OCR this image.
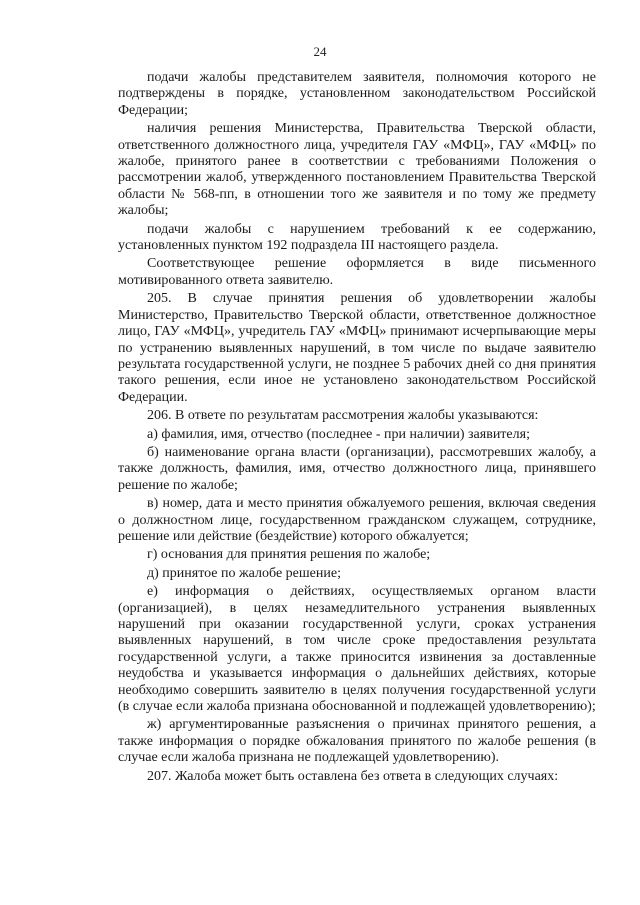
24

подачи жалобы представителем заявителя, полномочия которого не подтверждены в порядке, установленном законодательством Российской Федерации;

наличия решения Министерства, Правительства Тверской области, ответственного должностного лица, учредителя ГАУ «МФЦ», ГАУ «МФЦ» по жалобе, принятого ранее в соответствии с требованиями Положения о рассмотрении жалоб, утвержденного постановлением Правительства Тверской области № 568-пп, в отношении того же заявителя и по тому же предмету жалобы;

подачи жалобы с нарушением требований к ее содержанию, установленных пунктом 192 подраздела III настоящего раздела.

Соответствующее решение оформляется в виде письменного мотивированного ответа заявителю.

205. В случае принятия решения об удовлетворении жалобы Министерство, Правительство Тверской области, ответственное должностное лицо, ГАУ «МФЦ», учредитель ГАУ «МФЦ» принимают исчерпывающие меры по устранению выявленных нарушений, в том числе по выдаче заявителю результата государственной услуги, не позднее 5 рабочих дней со дня принятия такого решения, если иное не установлено законодательством Российской Федерации.

206. В ответе по результатам рассмотрения жалобы указываются:

а) фамилия, имя, отчество (последнее - при наличии) заявителя;

б) наименование органа власти (организации), рассмотревших жалобу, а также должность, фамилия, имя, отчество должностного лица, принявшего решение по жалобе;

в) номер, дата и место принятия обжалуемого решения, включая сведения о должностном лице, государственном гражданском служащем, сотруднике, решение или действие (бездействие) которого обжалуется;

г) основания для принятия решения по жалобе;

д) принятое по жалобе решение;

е) информация о действиях, осуществляемых органом власти (организацией), в целях незамедлительного устранения выявленных нарушений при оказании государственной услуги, сроках устранения выявленных нарушений, в том числе сроке предоставления результата государственной услуги, а также приносится извинения за доставленные неудобства и указывается информация о дальнейших действиях, которые необходимо совершить заявителю в целях получения государственной услуги (в случае если жалоба признана обоснованной и подлежащей удовлетворению);

ж) аргументированные разъяснения о причинах принятого решения, а также информация о порядке обжалования принятого по жалобе решения (в случае если жалоба признана не подлежащей удовлетворению).

207. Жалоба может быть оставлена без ответа в следующих случаях:
